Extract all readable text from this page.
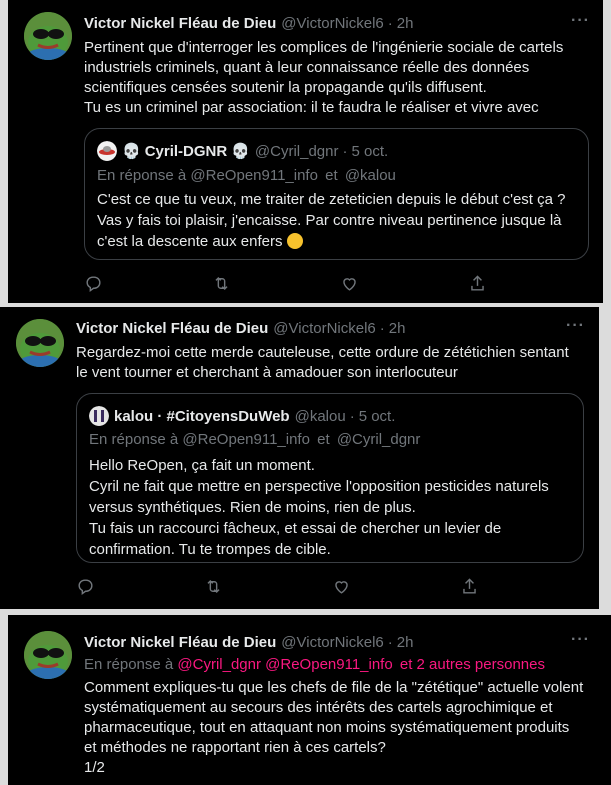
Victor Nickel Fléau de Dieu @VictorNickel6 · 2h	···
Pertinent que d'interroger les complices de l'ingénierie sociale de cartels
industriels criminels, quant à leur connaissance réelle des données
scientifiques censées soutenir la propagande qu'ils diffusent.
Tu es un criminel par association: il te faudra le réaliser et vivre avec
💀 Cyril-DGNR 💀 @Cyril_dgnr · 5 oct.
En réponse à @ReOpen911_info et @kalou
C'est ce que tu veux, me traiter de zeteticien depuis le début c'est ça ?
Vas y fais toi plaisir, j'encaisse. Par contre niveau pertinence jusque là
c'est la descente aux enfers
Victor Nickel Fléau de Dieu @VictorNickel6 · 2h	···
Regardez-moi cette merde cauteleuse, cette ordure de zététichien sentant
le vent tourner et cherchant à amadouer son interlocuteur
kalou · #CitoyensDuWeb @kalou · 5 oct.
En réponse à @ReOpen911_info et @Cyril_dgnr
Hello ReOpen, ça fait un moment.
Cyril ne fait que mettre en perspective l'opposition pesticides naturels
versus synthétiques. Rien de moins, rien de plus.
Tu fais un raccourci fâcheux, et essai de chercher un levier de
confirmation. Tu te trompes de cible.
Victor Nickel Fléau de Dieu @VictorNickel6 · 2h	···
En réponse à @Cyril_dgnr @ReOpen911_info et 2 autres personnes
Comment expliques-tu que les chefs de file de la "zététique" actuelle volent
systématiquement au secours des intérêts des cartels agrochimique et
pharmaceutique, tout en attaquant non moins systématiquement produits
et méthodes ne rapportant rien à ces cartels?
1/2
